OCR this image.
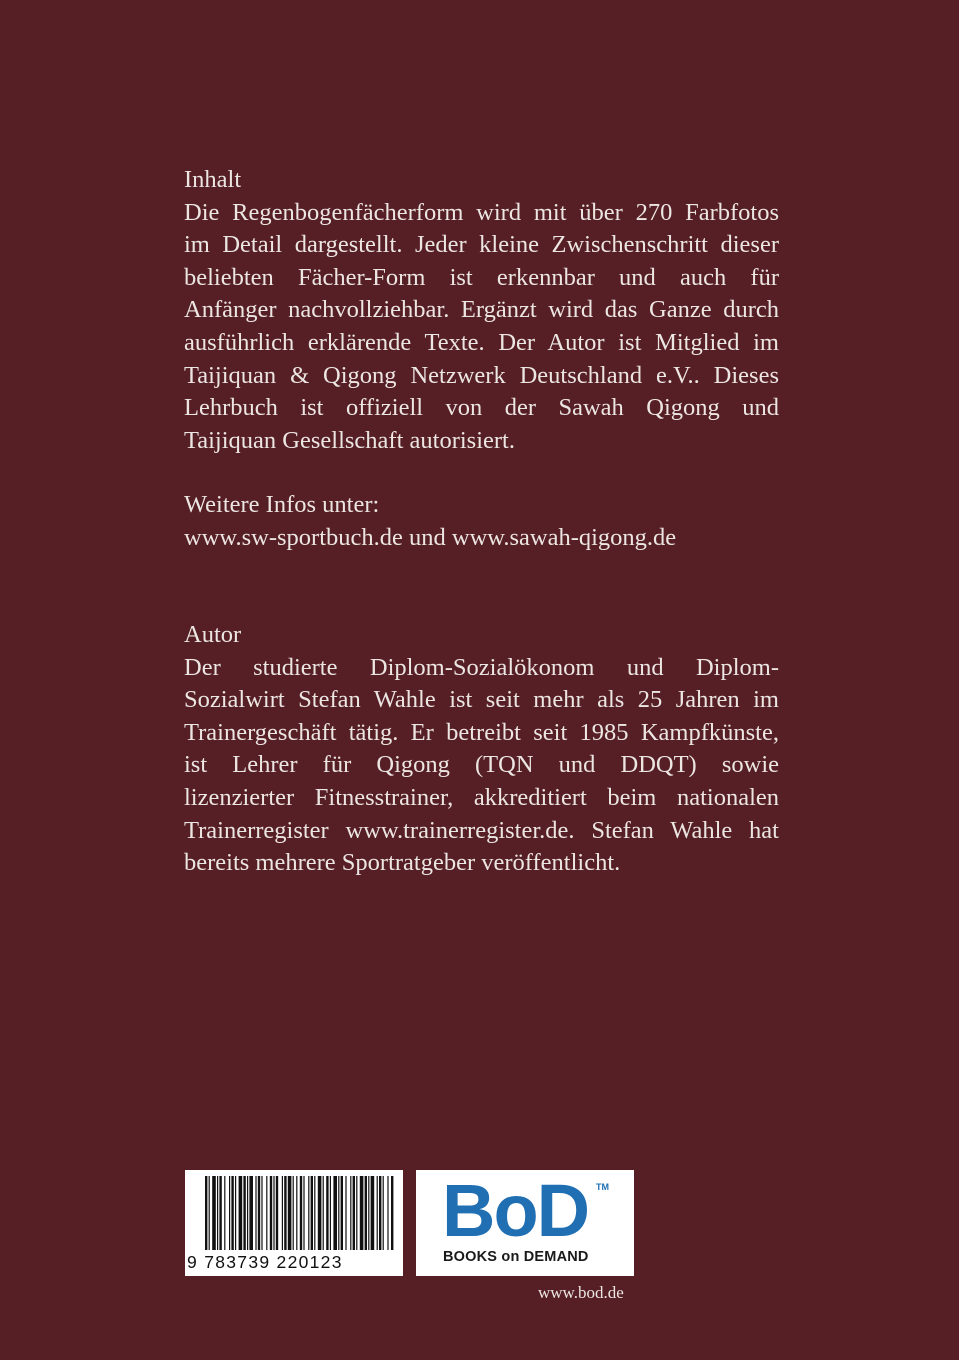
Inhalt
Die Regenbogenfächerform wird mit über 270 Farbfotos
im Detail dargestellt. Jeder kleine Zwischenschritt dieser
beliebten Fächer-Form ist erkennbar und auch für
Anfänger nachvollziehbar. Ergänzt wird das Ganze durch
ausführlich erklärende Texte. Der Autor ist Mitglied im
Taijiquan & Qigong Netzwerk Deutschland e.V.. Dieses
Lehrbuch ist offiziell von der Sawah Qigong und
Taijiquan Gesellschaft autorisiert.
Weitere Infos unter:
www.sw-sportbuch.de und www.sawah-qigong.de
Autor
Der studierte Diplom-Sozialökonom und Diplom-
Sozialwirt Stefan Wahle ist seit mehr als 25 Jahren im
Trainergeschäft tätig. Er betreibt seit 1985 Kampfkünste,
ist Lehrer für Qigong (TQN und DDQT) sowie
lizenzierter Fitnesstrainer, akkreditiert beim nationalen
Trainerregister www.trainerregister.de. Stefan Wahle hat
bereits mehrere Sportratgeber veröffentlicht.
9 783739 220123
BoD TM
BOOKS on DEMAND
www.bod.de
